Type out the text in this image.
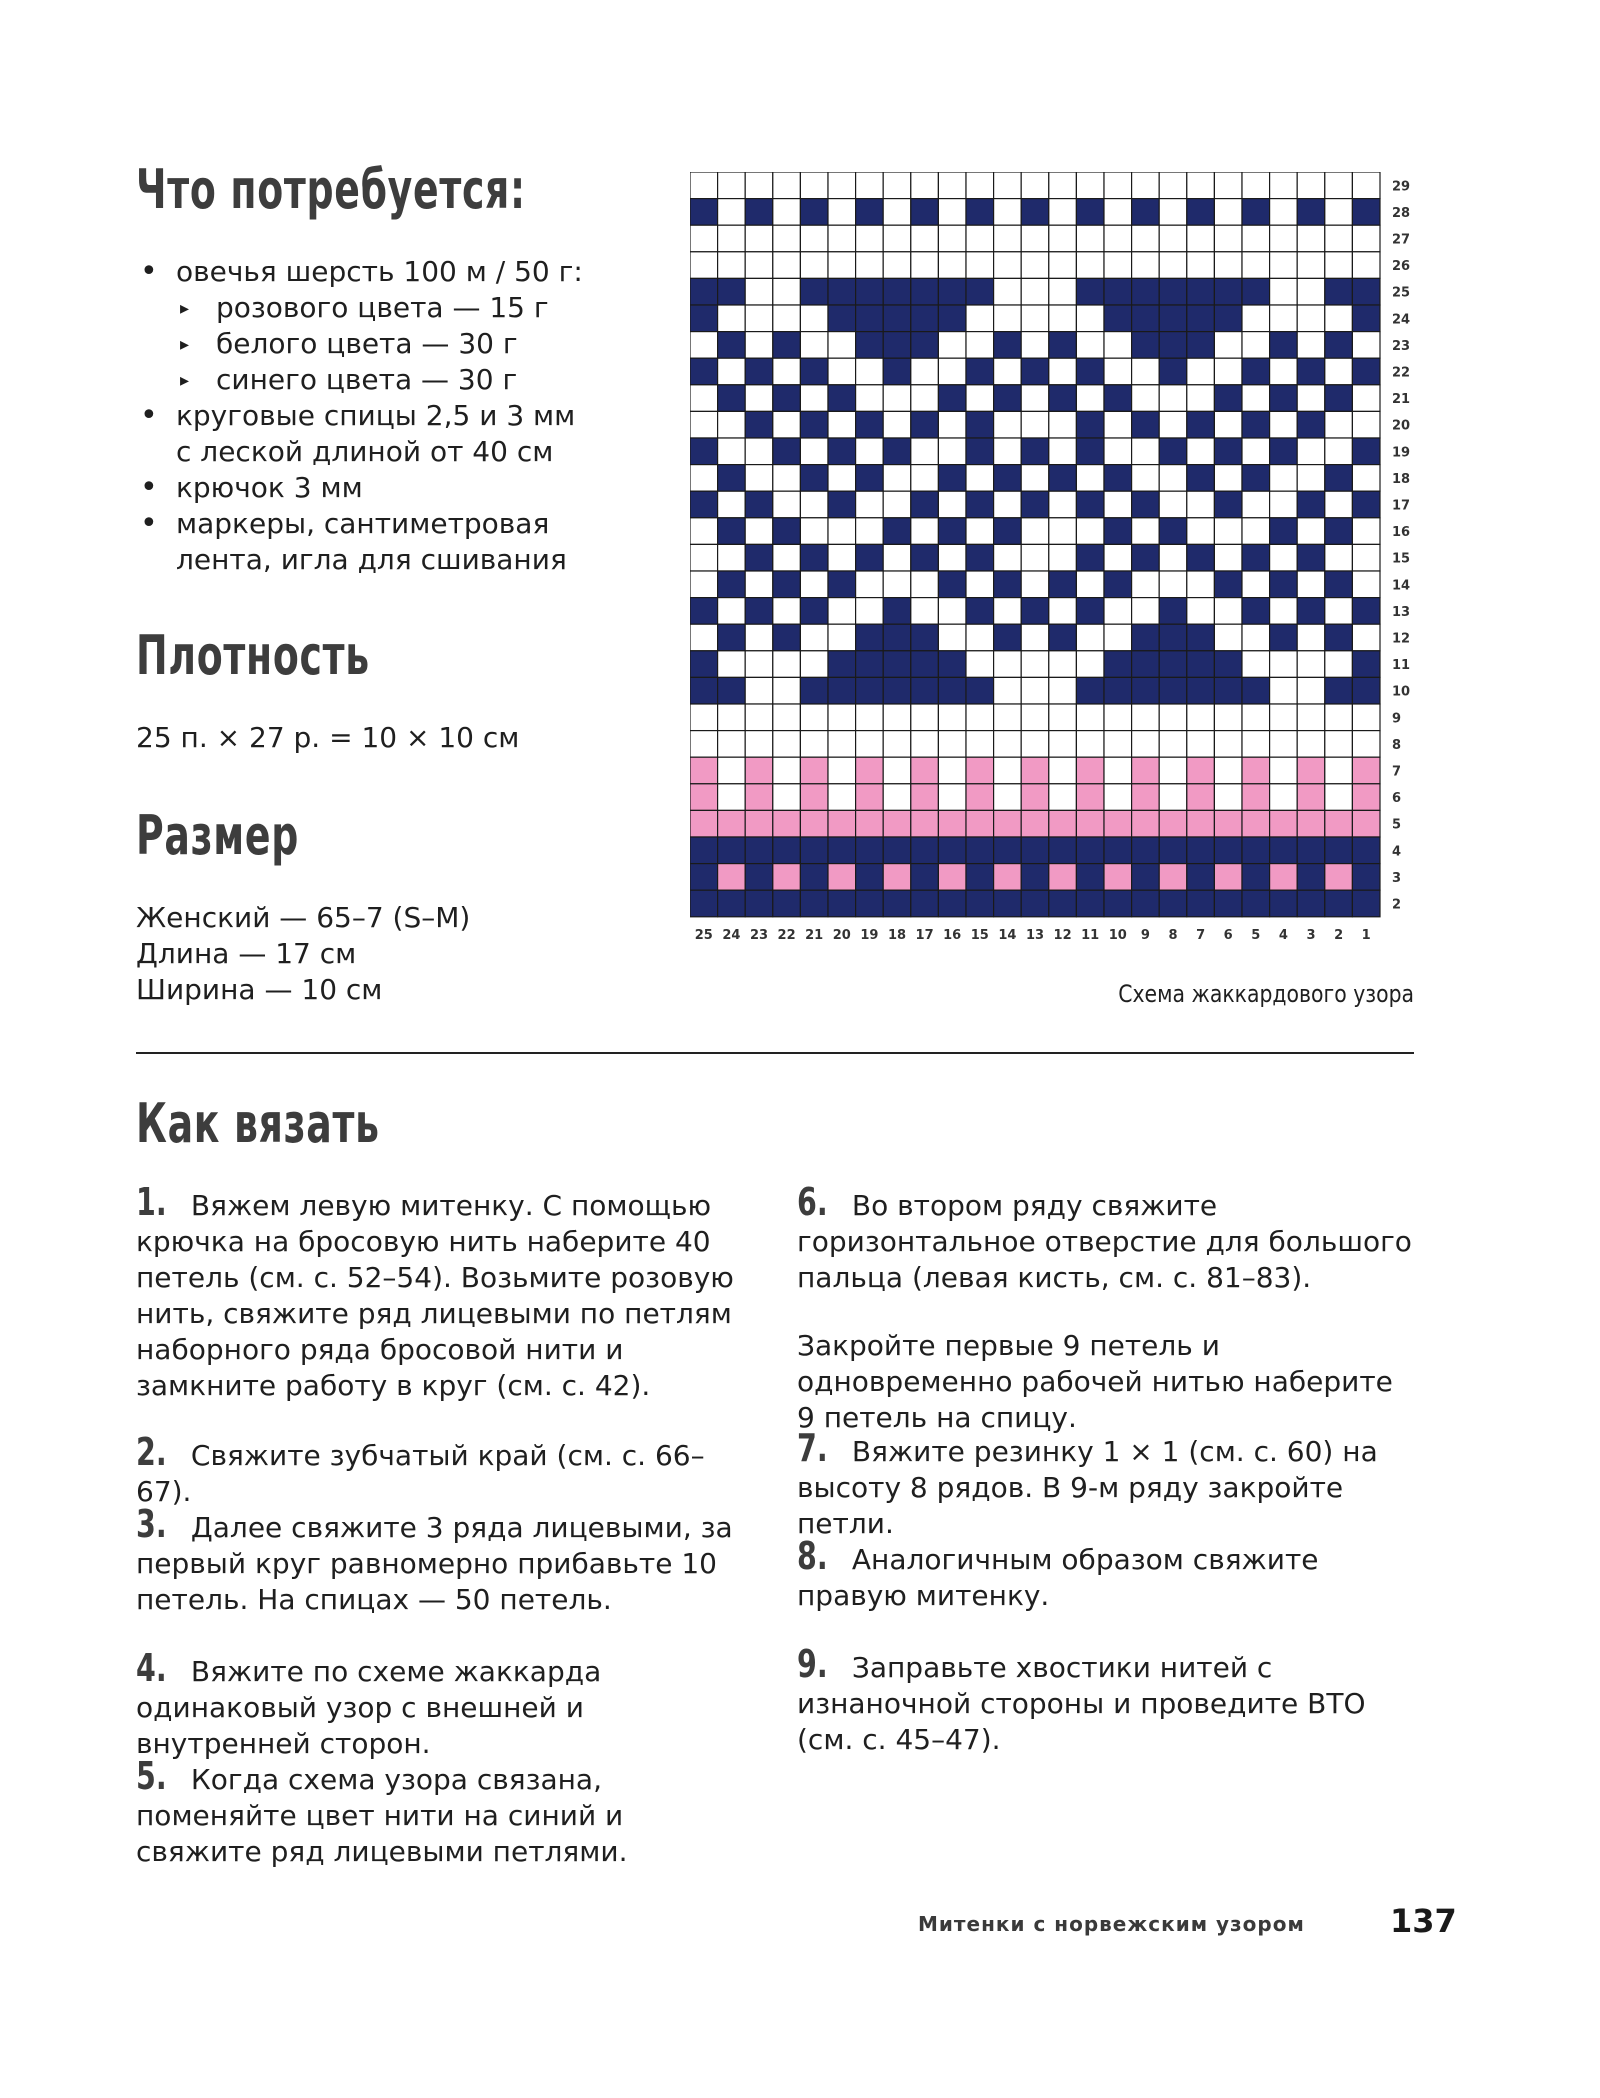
Что потребуется:
• овечья шерсть 100 м / 50 г:
▸ розового цвета — 15 г
▸ белого цвета — 30 г
▸ синего цвета — 30 г
• круговые спицы 2,5 и 3 мм
с леской длиной от 40 см
• крючок 3 мм
• маркеры, сантиметровая
лента, игла для сшивания
Плотность
25 п. × 27 р. = 10 × 10 см
Размер
Женский — 65–7 (S–M)
Длина — 17 см
Ширина — 10 см
29
28
27
26
25
24
23
22
21
20
19
18
17
16
15
14
13
12
11
10
9
8
7
6
5
4
3
2
25 24 23 22 21 20 19 18 17 16 15 14 13 12 11 10 9 8 7 6 5 4 3 2 1
Схема жаккардового узора
Как вязать
1. Вяжем левую митенку. С помощью крючка на бросовую нить наберите 40 петель (см. с. 52–54). Возьмите розовую нить, свяжите ряд лицевыми по петлям наборного ряда бросовой нити и замкните работу в круг (см. с. 42).
2. Свяжите зубчатый край (см. с. 66–67).
3. Далее свяжите 3 ряда лицевыми, за первый круг равномерно прибавьте 10 петель. На спицах — 50 петель.
4. Вяжите по схеме жаккарда одинаковый узор с внешней и внутренней сторон.
5. Когда схема узора связана, поменяйте цвет нити на синий и свяжите ряд лицевыми петлями.
6. Во втором ряду свяжите горизонтальное отверстие для большого пальца (левая кисть, см. с. 81–83).
Закройте первые 9 петель и одновременно рабочей нитью наберите 9 петель на спицу.
7. Вяжите резинку 1 × 1 (см. с. 60) на высоту 8 рядов. В 9-м ряду закройте петли.
8. Аналогичным образом свяжите правую митенку.
9. Заправьте хвостики нитей с изнаночной стороны и проведите ВТО (см. с. 45–47).
Митенки с норвежским узором	137
